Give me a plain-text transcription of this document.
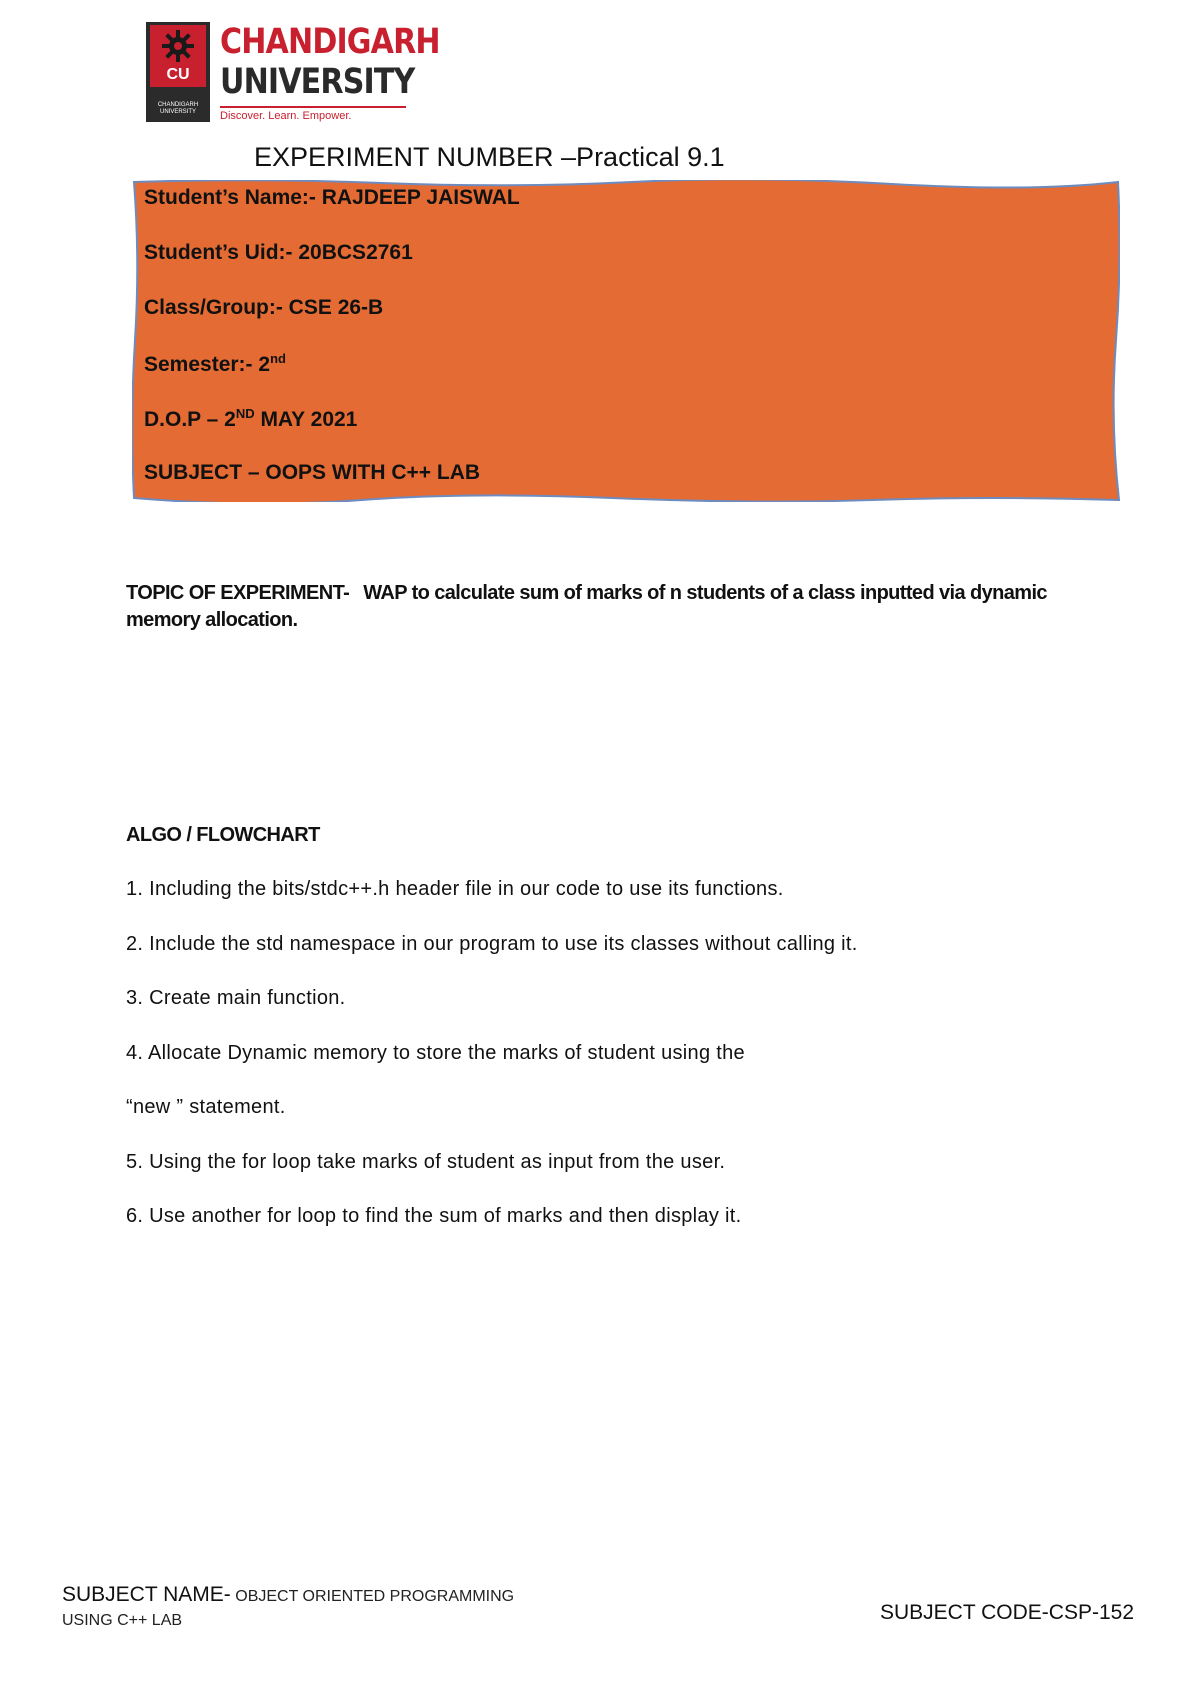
CU
CHANDIGARH UNIVERSITY
CHANDIGARH
UNIVERSITY
Discover. Learn. Empower.
EXPERIMENT NUMBER –Practical 9.1
Student’s Name:- RAJDEEP JAISWAL
Student’s Uid:- 20BCS2761
Class/Group:- CSE 26-B
Semester:- 2nd
D.O.P – 2ND MAY 2021
SUBJECT – OOPS WITH C++ LAB
TOPIC OF EXPERIMENT- WAP to calculate sum of marks of n students of a class inputted via dynamic memory allocation.
ALGO / FLOWCHART
1. Including the bits/stdc++.h header file in our code to use its functions.
2. Include the std namespace in our program to use its classes without calling it.
3. Create main function.
4. Allocate Dynamic memory to store the marks of student using the
“new ” statement.
5. Using the for loop take marks of student as input from the user.
6. Use another for loop to find the sum of marks and then display it.
SUBJECT NAME- OBJECT ORIENTED PROGRAMMING
USING C++ LAB	SUBJECT CODE-CSP-152
